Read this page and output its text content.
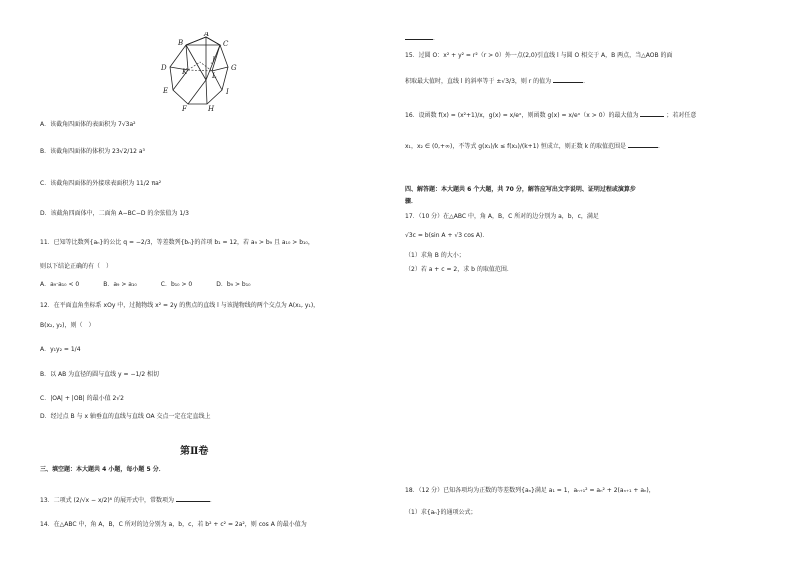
A
B	C
D
E
F
G
H
I
J
K	L
A．该截角四面体的表面积为 7√3a²
B．该截角四面体的体积为 23√2/12 a³
C．该截角四面体的外接球表面积为 11/2 πa²
D．该截角四面体中，二面角 A−BC−D 的余弦值为 1/3
11．已知等比数列{aₙ}的公比 q = −2/3，等差数列{bₙ}的首项 b₁ = 12，若 a₉ > b₉ 且 a₁₀ > b₁₀，
则以下结论正确的有（　）
A．a₉·a₁₀ < 0　　　　B．a₉ > a₁₀　　　　C．b₁₀ > 0　　　　D．b₉ > b₁₀
12．在平面直角坐标系 xOy 中，过抛物线 x² = 2y 的焦点的直线 l 与该抛物线的两个交点为 A(x₁, y₁)，
B(x₂, y₂)，则（　）
A．y₁y₂ = 1/4
B．以 AB 为直径的圆与直线 y = −1/2 相切
C．|OA| + |OB| 的最小值 2√2
D．经过点 B 与 x 轴垂直的直线与直线 OA 交点一定在定直线上
第Ⅱ卷
三、填空题：本大题共 4 小题，每小题 5 分．
13．二项式 (2/√x − x/2)⁶ 的展开式中，常数项为	．
14．在△ABC 中，角 A，B，C 所对的边分别为 a，b，c，若 b² + c² = 2a²，则 cos A 的最小值为
．
15．过圆 O：x² + y² = r²（r > 0）外一点(2,0)引直线 l 与圆 O 相交于 A，B 两点，当△AOB 的面
积取最大值时，直线 l 的斜率等于 ±√3/3，则 r 的值为	．
16．设函数 f(x) = (x²+1)/x，g(x) = x/eˣ，则函数 g(x) = x/eˣ（x > 0）的最大值为	；若对任意
x₁，x₂ ∈ (0,+∞)，不等式 g(x₁)/k ≤ f(x₂)/(k+1) 恒成立，则正数 k 的取值范围是	．
四、解答题：本大题共 6 个大题，共 70 分，解答应写出文字说明、证明过程或演算步
骤．
17．（10 分）在△ABC 中，角 A，B，C 所对的边分别为 a，b，c，满足
√3c = b(sin A + √3 cos A)．
（1）求角 B 的大小；
（2）若 a + c = 2，求 b 的取值范围．
18．（12 分）已知各项均为正数的等差数列{aₙ}满足 a₁ = 1，aₙ₊₁² = aₙ² + 2(aₙ₊₁ + aₙ)，
（1）求{aₙ}的通项公式；
